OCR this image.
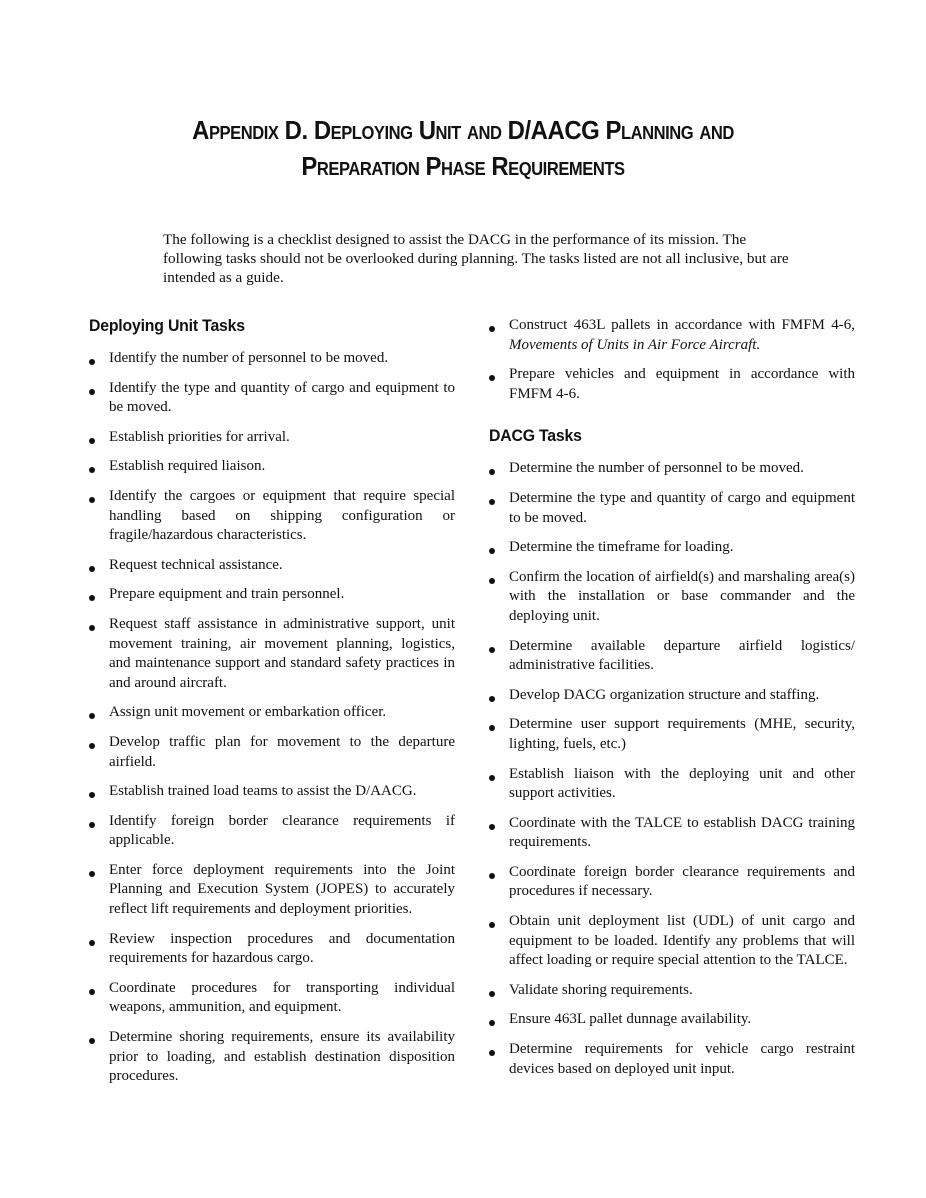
Appendix D. Deploying Unit and D/AACG Planning and
Preparation Phase Requirements

The following is a checklist designed to assist the DACG in the performance of its mission. The following tasks should not be overlooked during planning. The tasks listed are not all inclusive, but are intended as a guide.

Deploying Unit Tasks
Identify the number of personnel to be moved.
Identify the type and quantity of cargo and equipment to be moved.
Establish priorities for arrival.
Establish required liaison.
Identify the cargoes or equipment that require special handling based on shipping configuration or fragile/hazardous characteristics.
Request technical assistance.
Prepare equipment and train personnel.
Request staff assistance in administrative support, unit movement training, air movement planning, logistics, and maintenance support and standard safety practices in and around aircraft.
Assign unit movement or embarkation officer.
Develop traffic plan for movement to the departure airfield.
Establish trained load teams to assist the D/AACG.
Identify foreign border clearance requirements if applicable.
Enter force deployment requirements into the Joint Planning and Execution System (JOPES) to accurately reflect lift requirements and deployment priorities.
Review inspection procedures and documentation requirements for hazardous cargo.
Coordinate procedures for transporting individual weapons, ammunition, and equipment.
Determine shoring requirements, ensure its availability prior to loading, and establish destination disposition procedures.
Construct 463L pallets in accordance with FMFM 4-6, Movements of Units in Air Force Aircraft.
Prepare vehicles and equipment in accordance with FMFM 4-6.
DACG Tasks
Determine the number of personnel to be moved.
Determine the type and quantity of cargo and equipment to be moved.
Determine the timeframe for loading.
Confirm the location of airfield(s) and marshaling area(s) with the installation or base commander and the deploying unit.
Determine available departure airfield logistics/ administrative facilities.
Develop DACG organization structure and staffing.
Determine user support requirements (MHE, security, lighting, fuels, etc.)
Establish liaison with the deploying unit and other support activities.
Coordinate with the TALCE to establish DACG training requirements.
Coordinate foreign border clearance requirements and procedures if necessary.
Obtain unit deployment list (UDL) of unit cargo and equipment to be loaded. Identify any problems that will affect loading or require special attention to the TALCE.
Validate shoring requirements.
Ensure 463L pallet dunnage availability.
Determine requirements for vehicle cargo restraint devices based on deployed unit input.
